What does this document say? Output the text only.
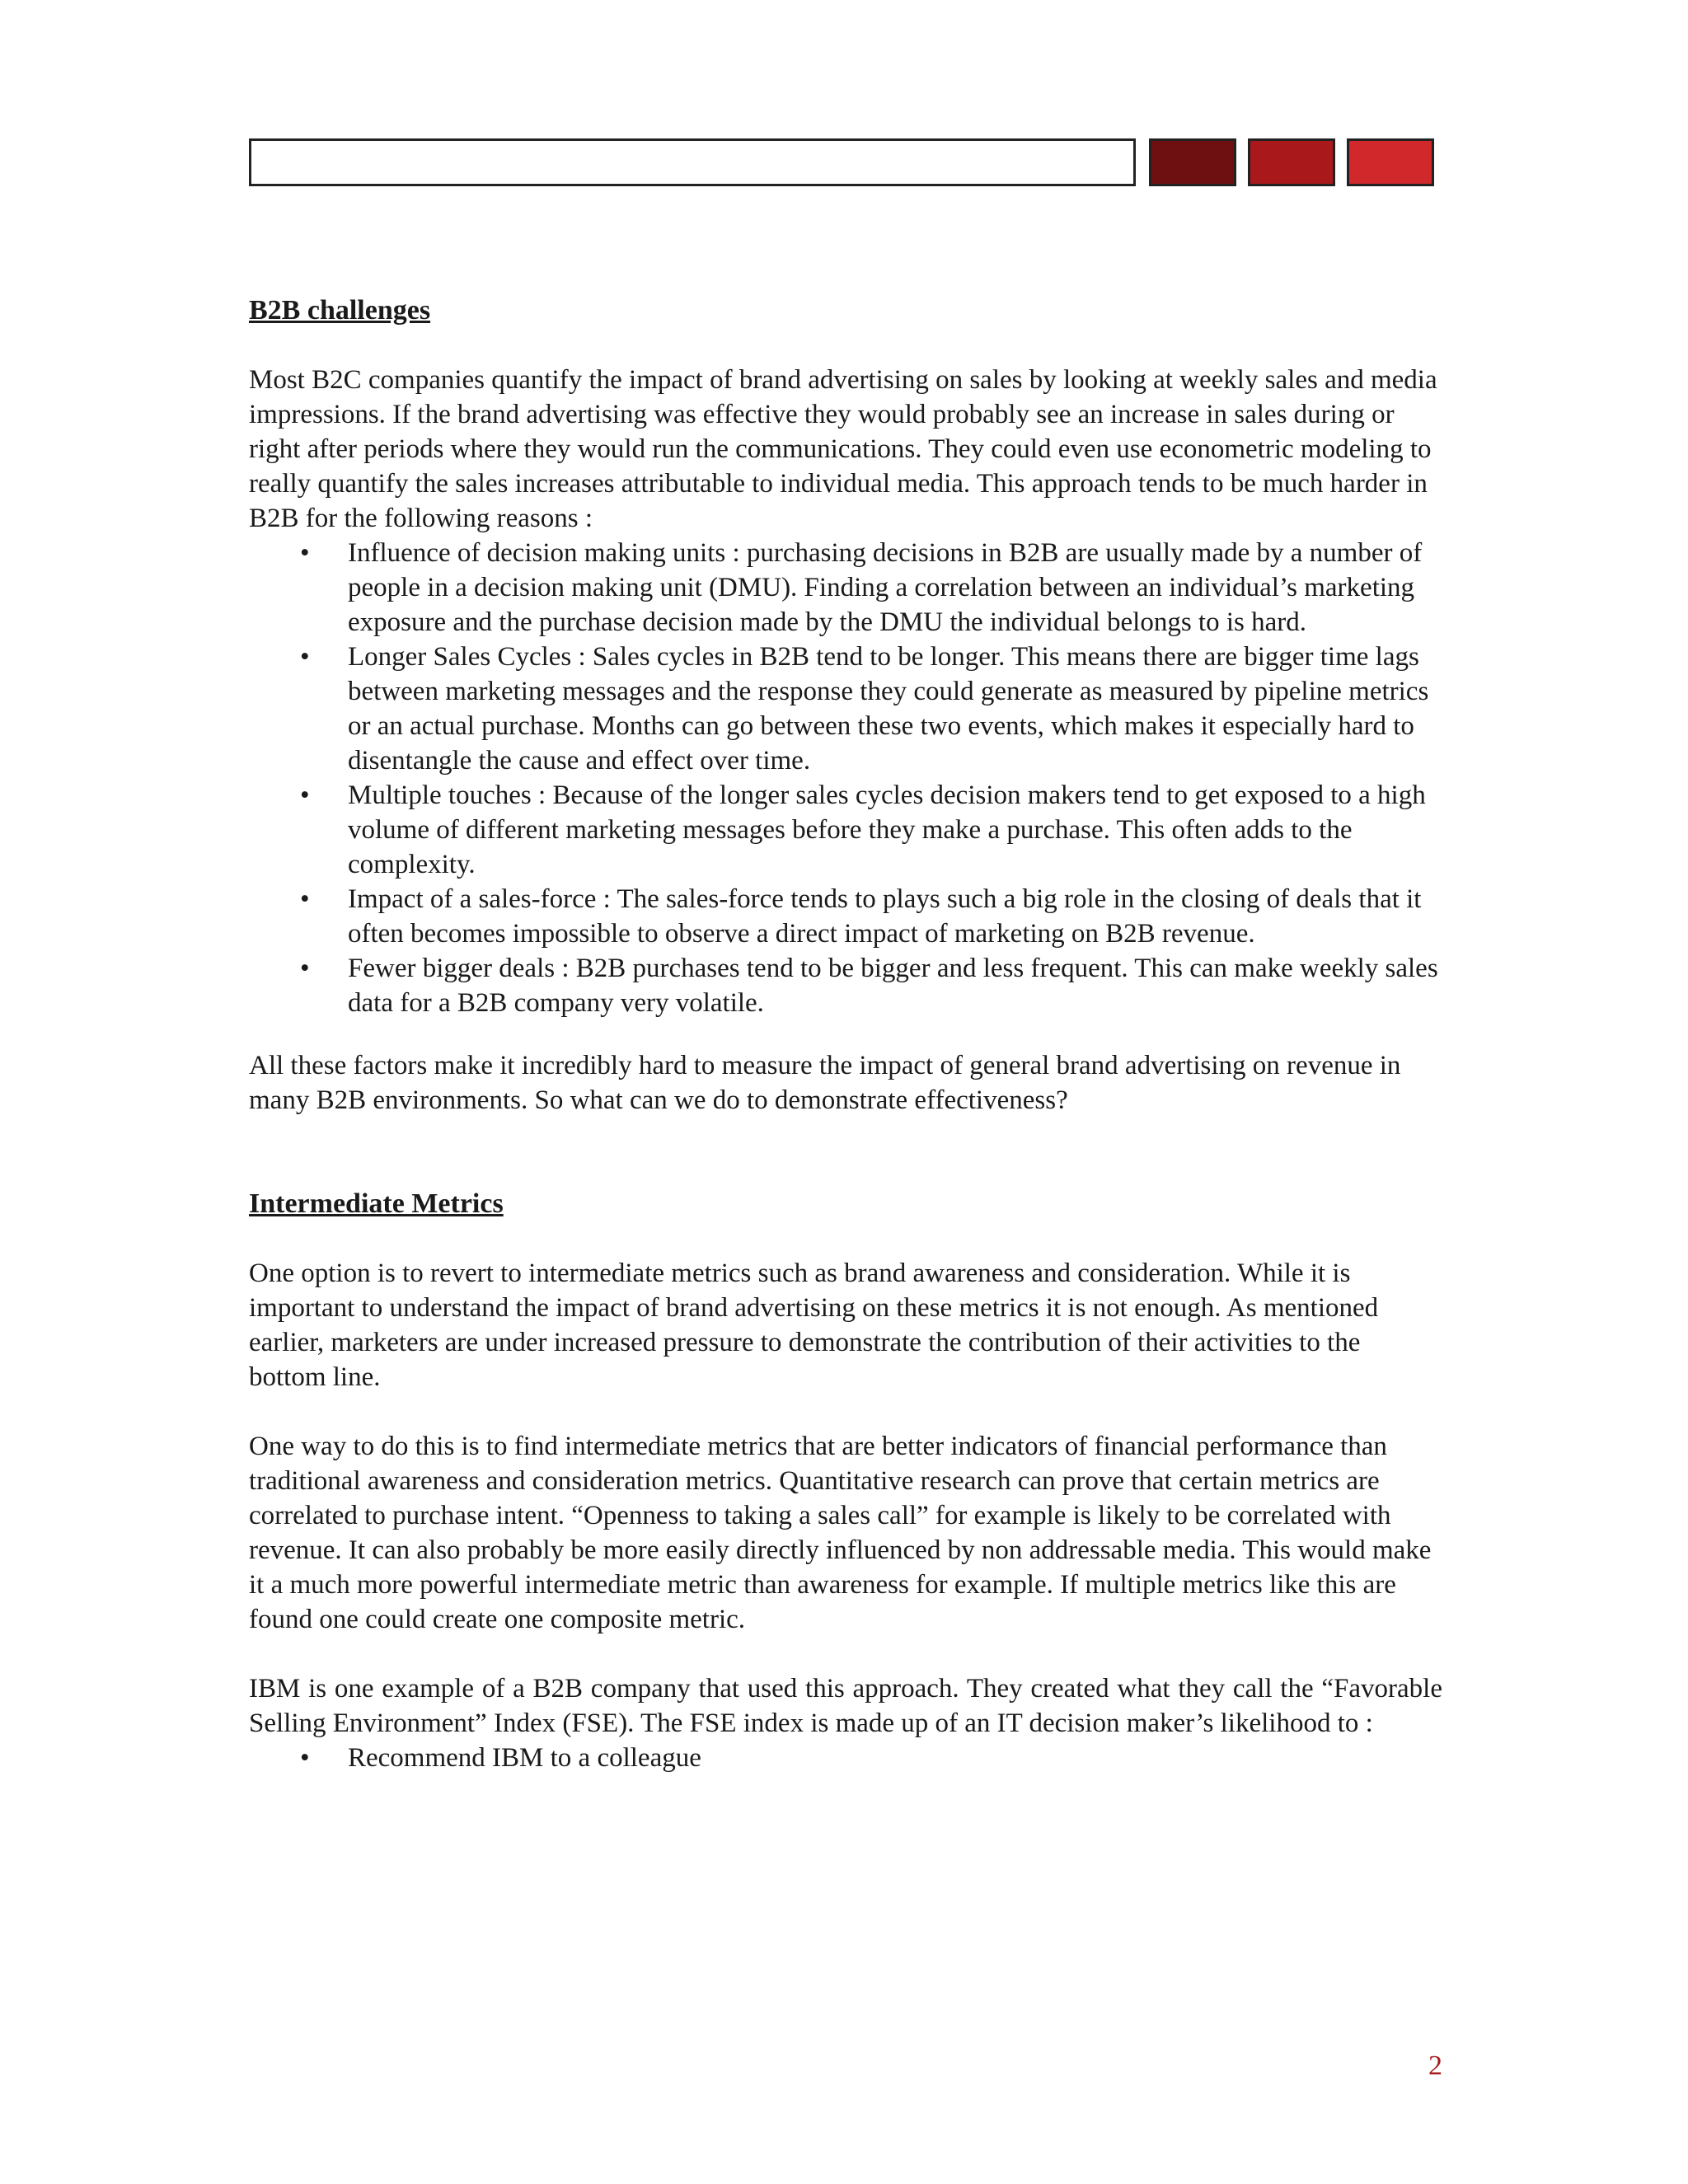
B2B challenges

Most B2C companies quantify the impact of brand advertising on sales by looking at weekly sales and media impressions. If the brand advertising was effective they would probably see an increase in sales during or right after periods where they would run the communications. They could even use econometric modeling to really quantify the sales increases attributable to individual media. This approach tends to be much harder in B2B for the following reasons :

• Influence of decision making units : purchasing decisions in B2B are usually made by a number of people in a decision making unit (DMU). Finding a correlation between an individual’s marketing exposure and the purchase decision made by the DMU the individual belongs to is hard.
• Longer Sales Cycles : Sales cycles in B2B tend to be longer. This means there are bigger time lags between marketing messages and the response they could generate as measured by pipeline metrics or an actual purchase. Months can go between these two events, which makes it especially hard to disentangle the cause and effect over time.
• Multiple touches : Because of the longer sales cycles decision makers tend to get exposed to a high volume of different marketing messages before they make a purchase. This often adds to the complexity.
• Impact of a sales-force : The sales-force tends to plays such a big role in the closing of deals that it often becomes impossible to observe a direct impact of marketing on B2B revenue.
• Fewer bigger deals : B2B purchases tend to be bigger and less frequent. This can make weekly sales data for a B2B company very volatile.

All these factors make it incredibly hard to measure the impact of general brand advertising on revenue in many B2B environments. So what can we do to demonstrate effectiveness?

Intermediate Metrics

One option is to revert to intermediate metrics such as brand awareness and consideration. While it is important to understand the impact of brand advertising on these metrics it is not enough. As mentioned earlier, marketers are under increased pressure to demonstrate the contribution of their activities to the bottom line.

One way to do this is to find intermediate metrics that are better indicators of financial performance than traditional awareness and consideration metrics. Quantitative research can prove that certain metrics are correlated to purchase intent. “Openness to taking a sales call” for example is likely to be correlated with revenue. It can also probably be more easily directly influenced by non addressable media. This would make it a much more powerful intermediate metric than awareness for example. If multiple metrics like this are found one could create one composite metric.

IBM is one example of a B2B company that used this approach. They created what they call the “Favorable Selling Environment” Index (FSE). The FSE index is made up of an IT decision maker’s likelihood to :

• Recommend IBM to a colleague
2
